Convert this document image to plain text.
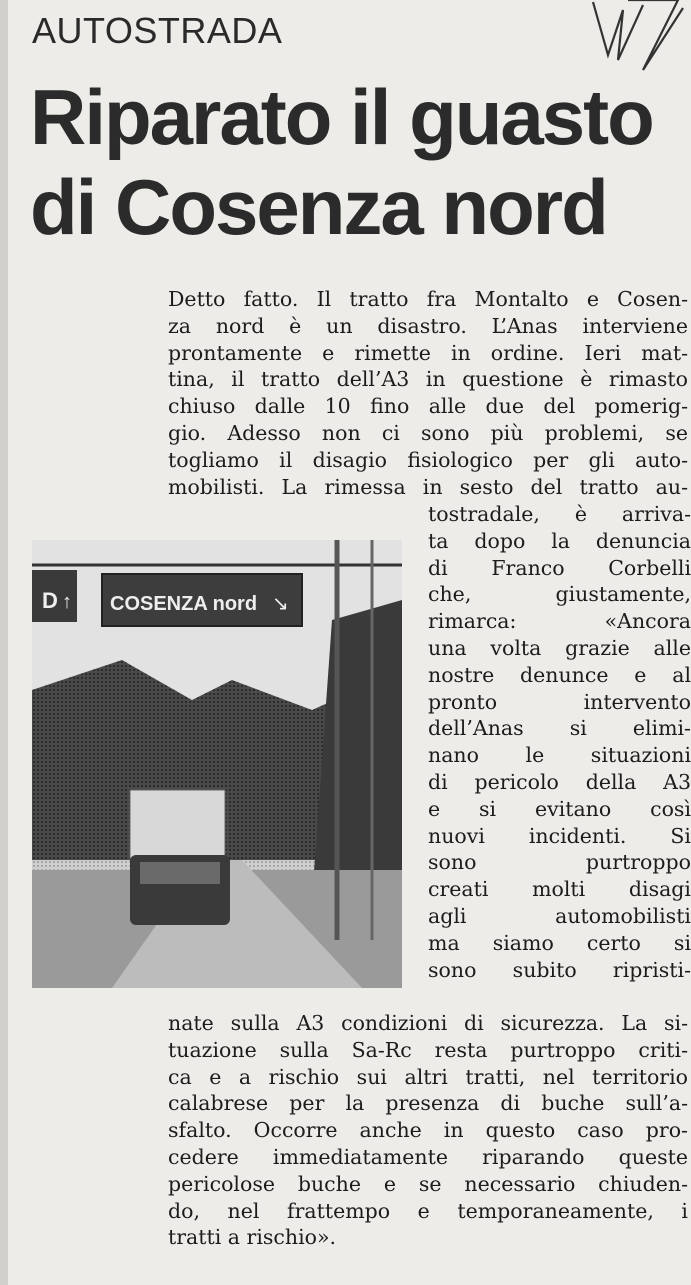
AUTOSTRADA
Riparato il guasto
di Cosenza nord
Detto fatto. Il tratto fra Montalto e Cosen-
za nord è un disastro. L’Anas interviene
prontamente e rimette in ordine. Ieri mat-
tina, il tratto dell’A3 in questione è rimasto
chiuso dalle 10 fino alle due del pomerig-
gio. Adesso non ci sono più problemi, se
togliamo il disagio fisiologico per gli auto-
mobilisti. La rimessa in sesto del tratto au-
D ↑ COSENZA nord ↘
tostradale, è arriva-
ta dopo la denuncia
di Franco Corbelli
che, giustamente,
rimarca: «Ancora
una volta grazie alle
nostre denunce e al
pronto intervento
dell’Anas si elimi-
nano le situazioni
di pericolo della A3
e si evitano così
nuovi incidenti. Si
sono purtroppo
creati molti disagi
agli automobilisti
ma siamo certo si
sono subito ripristi-
nate sulla A3 condizioni di sicurezza. La si-
tuazione sulla Sa-Rc resta purtroppo criti-
ca e a rischio sui altri tratti, nel territorio
calabrese per la presenza di buche sull’a-
sfalto. Occorre anche in questo caso pro-
cedere immediatamente riparando queste
pericolose buche e se necessario chiuden-
do, nel frattempo e temporaneamente, i
tratti a rischio».
